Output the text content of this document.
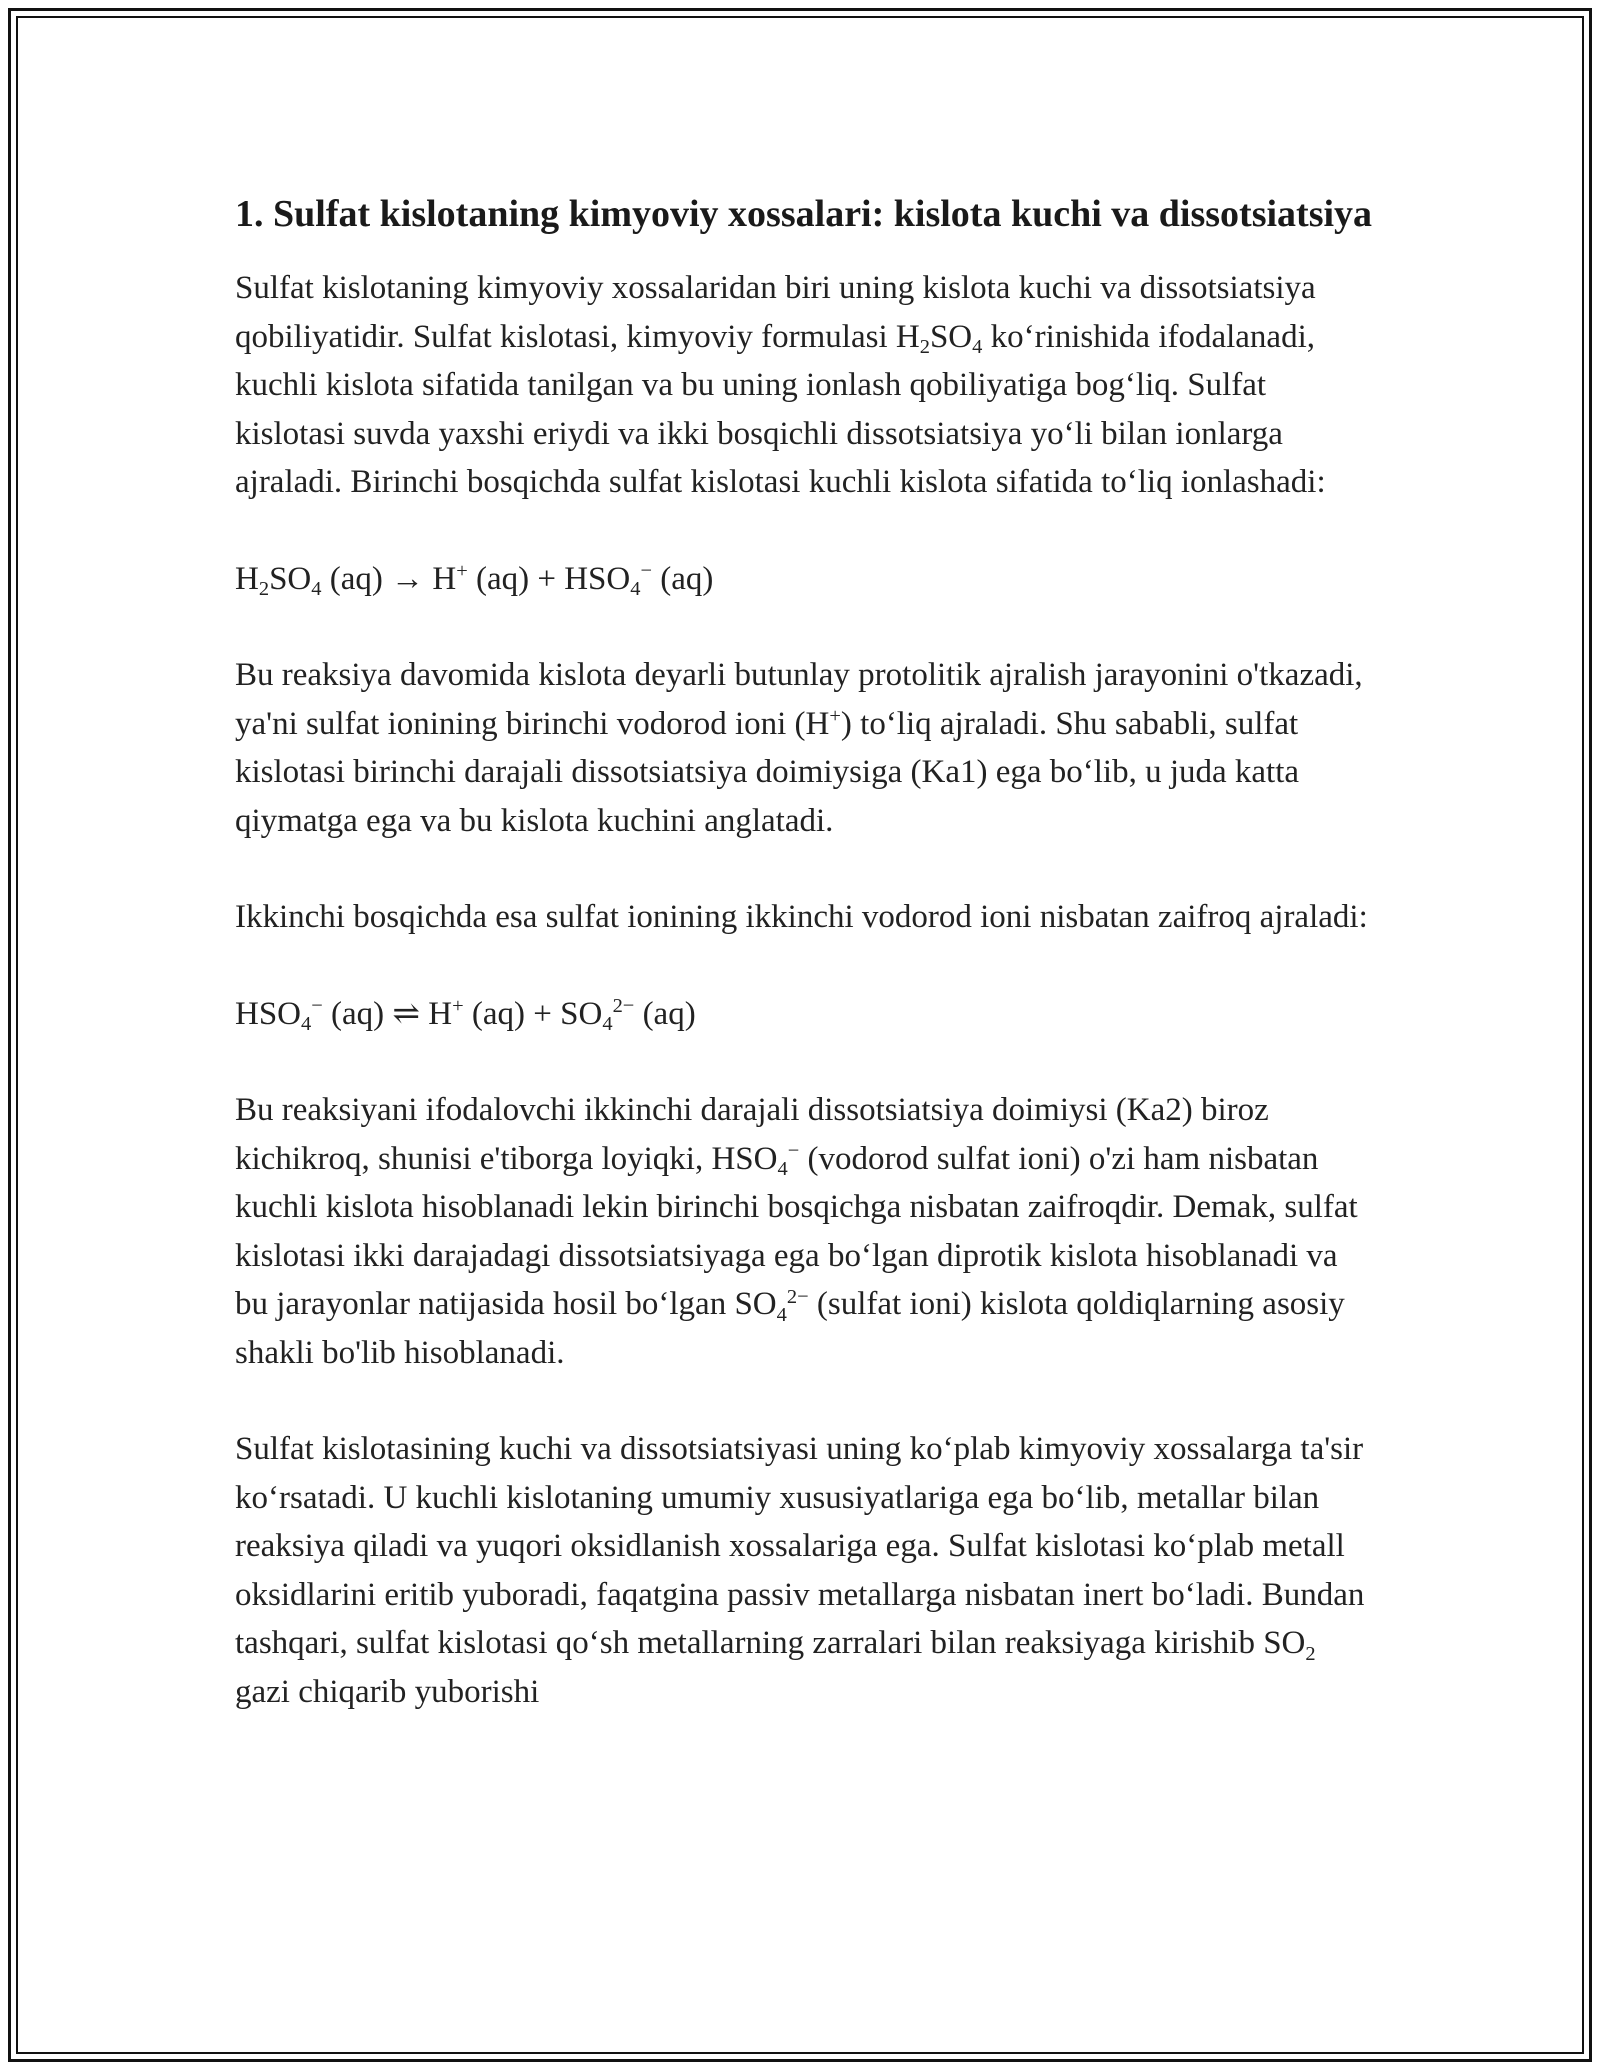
1. Sulfat kislotaning kimyoviy xossalari: kislota kuchi va dissotsiatsiya

Sulfat kislotaning kimyoviy xossalaridan biri uning kislota kuchi va dissotsiatsiya qobiliyatidir. Sulfat kislotasi, kimyoviy formulasi H2SO4 ko‘rinishida ifodalanadi, kuchli kislota sifatida tanilgan va bu uning ionlash qobiliyatiga bog‘liq. Sulfat kislotasi suvda yaxshi eriydi va ikki bosqichli dissotsiatsiya yo‘li bilan ionlarga ajraladi. Birinchi bosqichda sulfat kislotasi kuchli kislota sifatida to‘liq ionlashadi:

H2SO4 (aq) → H+ (aq) + HSO4− (aq)

Bu reaksiya davomida kislota deyarli butunlay protolitik ajralish jarayonini o'tkazadi, ya'ni sulfat ionining birinchi vodorod ioni (H+) to‘liq ajraladi. Shu sababli, sulfat kislotasi birinchi darajali dissotsiatsiya doimiysiga (Ka1) ega bo‘lib, u juda katta qiymatga ega va bu kislota kuchini anglatadi.

Ikkinchi bosqichda esa sulfat ionining ikkinchi vodorod ioni nisbatan zaifroq ajraladi:

HSO4− (aq) ⇌ H+ $(aq) + SO4^{2-}$ (aq)

Bu reaksiyani ifodalovchi ikkinchi darajali dissotsiatsiya doimiysi (Ka2) biroz kichikroq, shunisi e'tiborga loyiqki, HSO4− (vodorod sulfat ioni) o'zi ham nisbatan kuchli kislota hisoblanadi lekin birinchi bosqichga nisbatan zaifroqdir. Demak, sulfat kislotasi ikki darajadagi dissotsiatsiyaga ega bo‘lgan diprotik kislota hisoblanadi va bu jarayonlar natijasida hosil bo‘lgan $SO4^{2-}$ (sulfat ioni) kislota qoldiqlarning asosiy shakli bo'lib hisoblanadi.

Sulfat kislotasining kuchi va dissotsiatsiyasi uning ko‘plab kimyoviy xossalarga ta'sir ko‘rsatadi. U kuchli kislotaning umumiy xususiyatlariga ega bo‘lib, metallar bilan reaksiya qiladi va yuqori oksidlanish xossalariga ega. Sulfat kislotasi ko‘plab metall oksidlarini eritib yuboradi, faqatgina passiv metallarga nisbatan inert bo‘ladi. Bundan tashqari, sulfat kislotasi qo‘sh metallarning zarralari bilan reaksiyaga kirishib SO2 gazi chiqarib yuborishi
